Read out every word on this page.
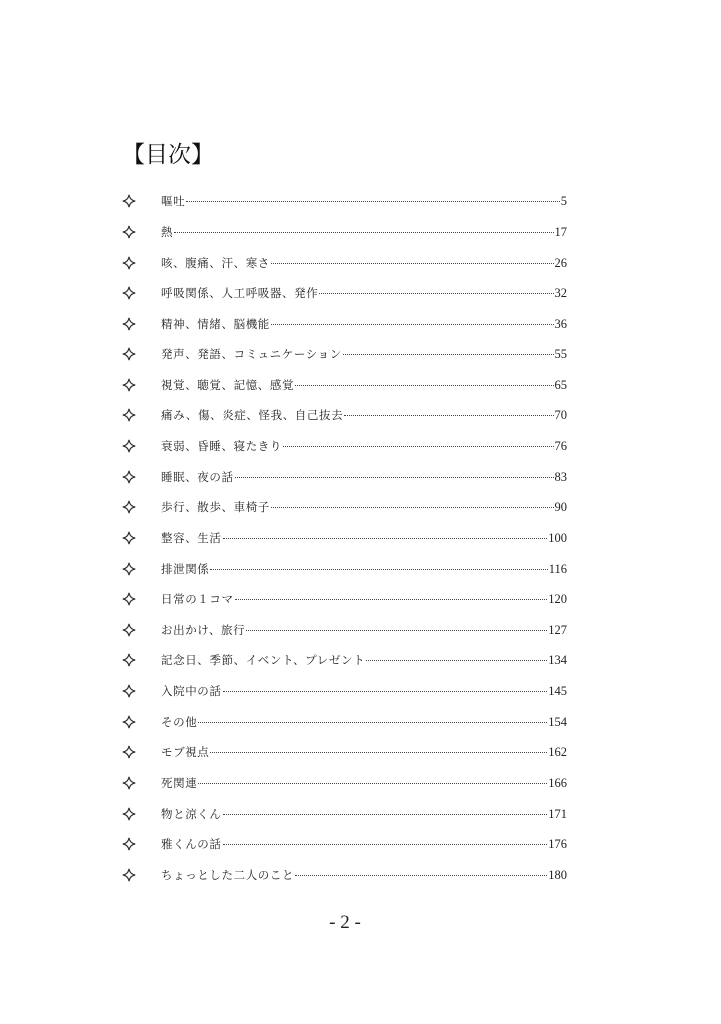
【目次】
嘔吐	5
熱	17
咳、腹痛、汗、寒さ	26
呼吸関係、人工呼吸器、発作	32
精神、情緒、脳機能	36
発声、発語、コミュニケーション	55
視覚、聴覚、記憶、感覚	65
痛み、傷、炎症、怪我、自己抜去	70
衰弱、昏睡、寝たきり	76
睡眠、夜の話	83
歩行、散歩、車椅子	90
整容、生活	100
排泄関係	116
日常の１コマ	120
お出かけ、旅行	127
記念日、季節、イベント、プレゼント	134
入院中の話	145
その他	154
モブ視点	162
死関連	166
物と涼くん	171
雅くんの話	176
ちょっとした二人のこと	180
- 2 -
